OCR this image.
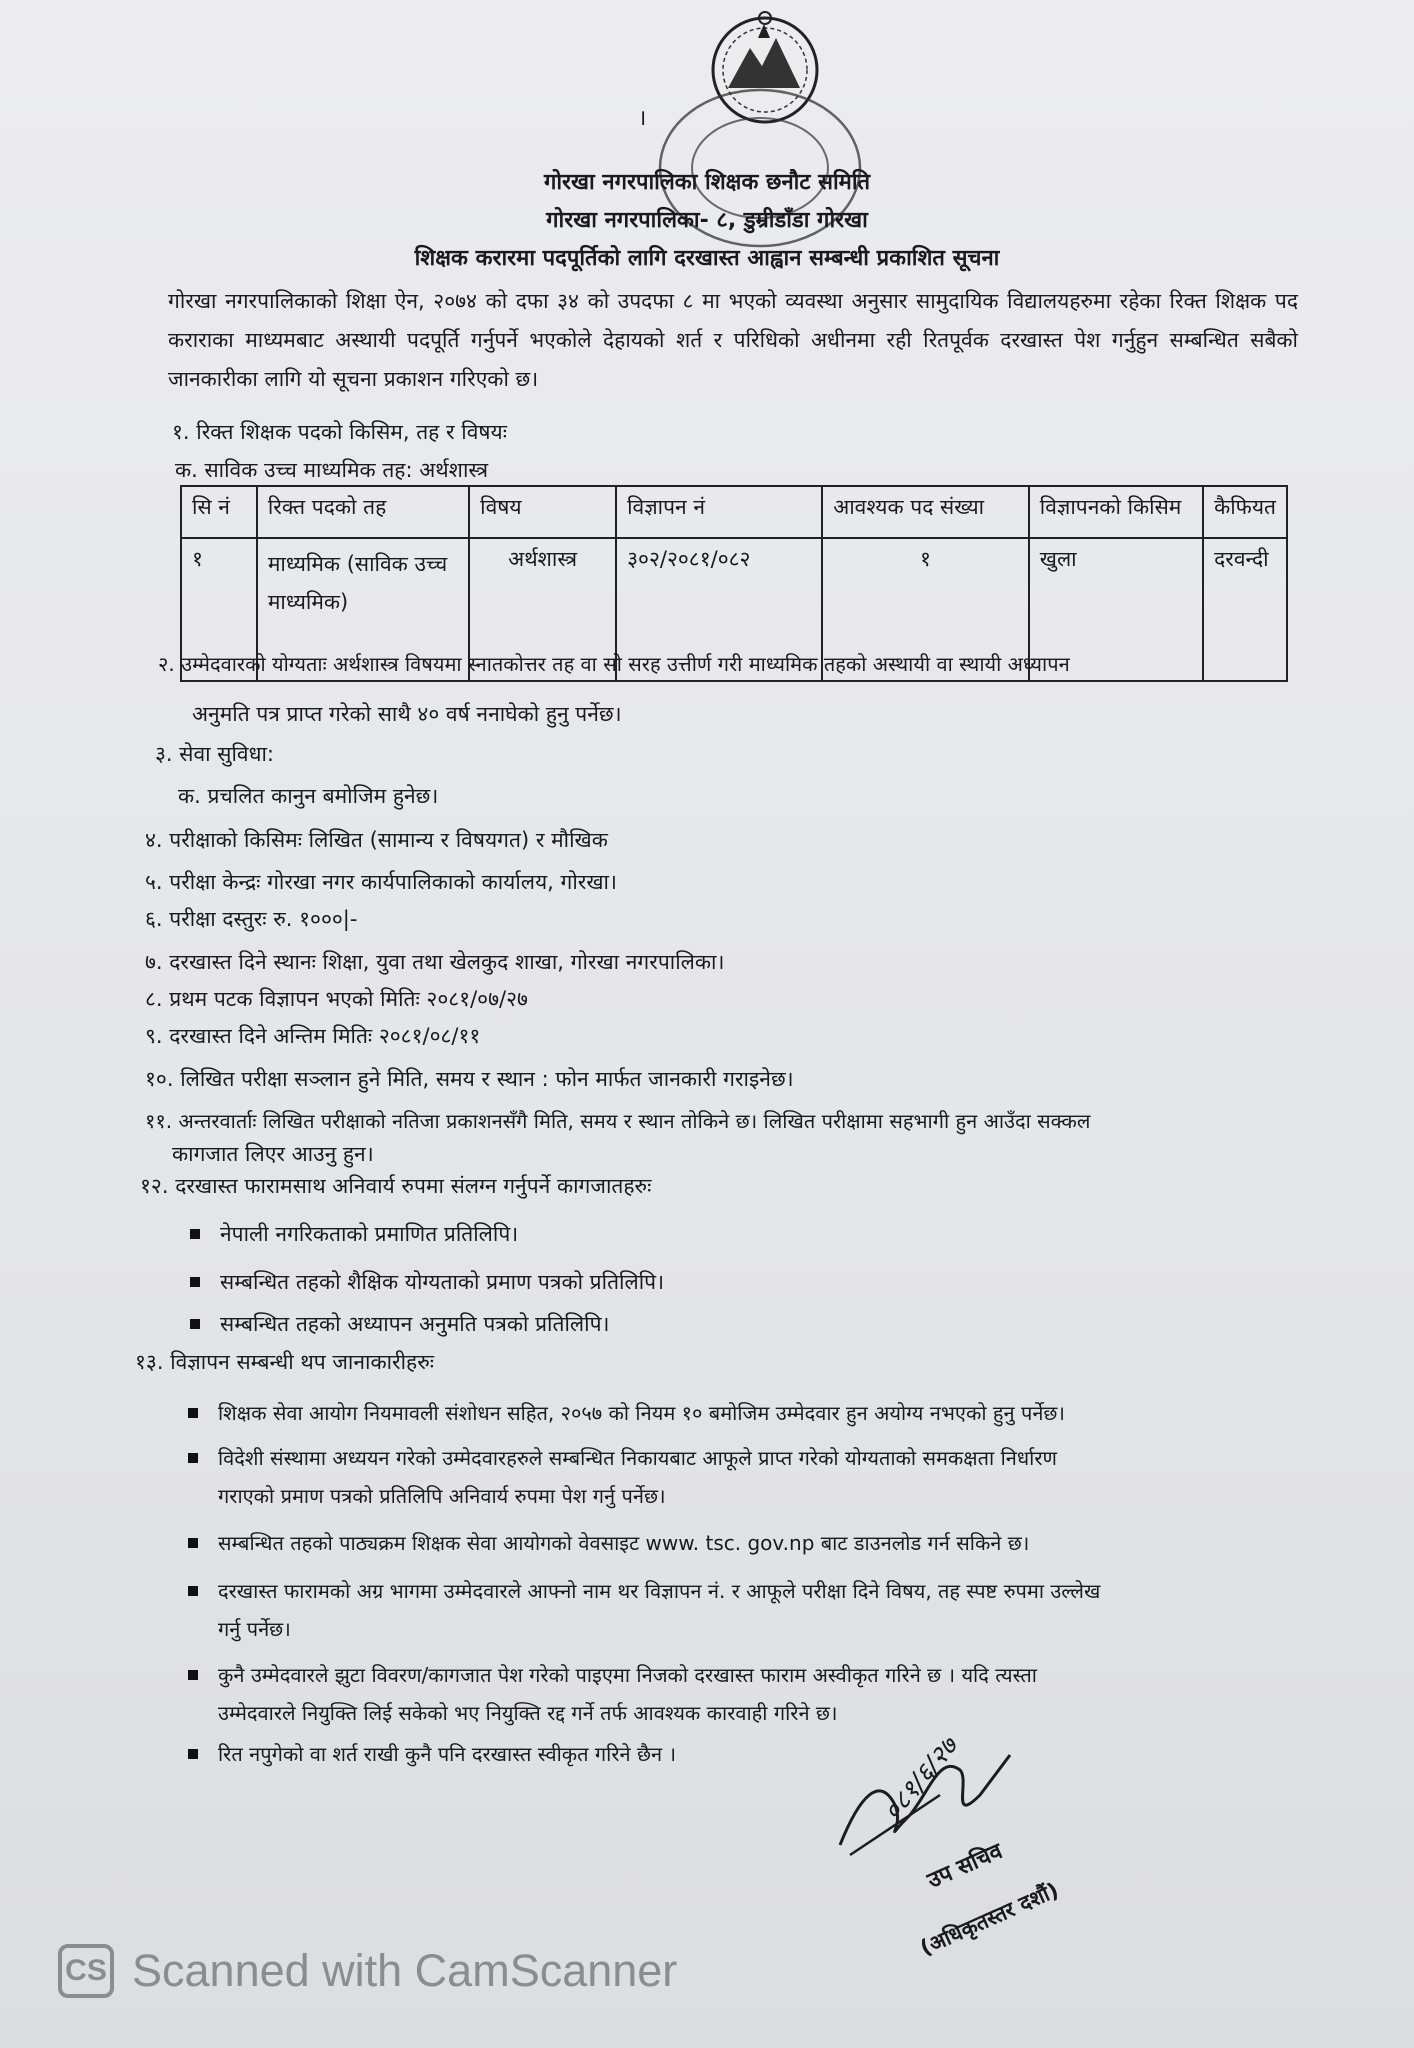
।
गोरखा नगरपालिका शिक्षक छनौट समिति
गोरखा नगरपालिका- ८, डुम्रीडाँडा गोरखा
शिक्षक करारमा पदपूर्तिको लागि दरखास्त आह्वान सम्बन्धी प्रकाशित सूचना
गोरखा नगरपालिकाको शिक्षा ऐन, २०७४ को दफा ३४ को उपदफा ८ मा भएको व्यवस्था अनुसार सामुदायिक विद्यालयहरुमा रहेका रिक्त शिक्षक पद कराराका माध्यमबाट अस्थायी पदपूर्ति गर्नुपर्ने भएकोले देहायको शर्त र परिधिको अधीनमा रही रितपूर्वक दरखास्त पेश गर्नुहुन सम्बन्धित सबैको जानकारीका लागि यो सूचना प्रकाशन गरिएको छ।
१. रिक्त शिक्षक पदको किसिम, तह र विषयः
क. साविक उच्च माध्यमिक तह: अर्थशास्त्र
सि नं	रिक्त पदको तह	विषय	विज्ञापन नं	आवश्यक पद संख्या	विज्ञापनको किसिम	कैफियत
१	माध्यमिक (साविक उच्च माध्यमिक)	अर्थशास्त्र	३०२/२०८१/०८२	१	खुला	दरवन्दी
२. उम्मेदवारको योग्यताः अर्थशास्त्र विषयमा स्नातकोत्तर तह वा सो सरह उत्तीर्ण गरी माध्यमिक तहको अस्थायी वा स्थायी अध्यापन
अनुमति पत्र प्राप्त गरेको साथै ४० वर्ष ननाघेको हुनु पर्नेछ।
३. सेवा सुविधा:
क. प्रचलित कानुन बमोजिम हुनेछ।
४. परीक्षाको किसिमः लिखित (सामान्य र विषयगत) र मौखिक
५. परीक्षा केन्द्रः गोरखा नगर कार्यपालिकाको कार्यालय, गोरखा।
६. परीक्षा दस्तुरः रु. १०००|-
७. दरखास्त दिने स्थानः शिक्षा, युवा तथा खेलकुद शाखा, गोरखा नगरपालिका।
८. प्रथम पटक विज्ञापन भएको मितिः २०८१/०७/२७
९. दरखास्त दिने अन्तिम मितिः २०८१/०८/११
१०. लिखित परीक्षा सञ्‍लान हुने मिति, समय र स्थान : फोन मार्फत जानकारी गराइनेछ।
११. अन्तरवार्ताः लिखित परीक्षाको नतिजा प्रकाशनसँगै मिति, समय र स्थान तोकिने छ। लिखित परीक्षामा सहभागी हुन आउँदा सक्कल
कागजात लिएर आउनु हुन।
१२. दरखास्त फारामसाथ अनिवार्य रुपमा संलग्न गर्नुपर्ने कागजातहरुः
नेपाली नगरिकताको प्रमाणित प्रतिलिपि।
सम्बन्धित तहको शैक्षिक योग्यताको प्रमाण पत्रको प्रतिलिपि।
सम्बन्धित तहको अध्यापन अनुमति पत्रको प्रतिलिपि।
१३. विज्ञापन सम्बन्धी थप जानाकारीहरुः
शिक्षक सेवा आयोग नियमावली संशोधन सहित, २०५७ को नियम १० बमोजिम उम्मेदवार हुन अयोग्य नभएको हुनु पर्नेछ।
विदेशी संस्थामा अध्ययन गरेको उम्मेदवारहरुले सम्बन्धित निकायबाट आफूले प्राप्त गरेको योग्यताको समकक्षता निर्धारण
गराएको प्रमाण पत्रको प्रतिलिपि अनिवार्य रुपमा पेश गर्नु पर्नेछ।
सम्बन्धित तहको पाठ्यक्रम शिक्षक सेवा आयोगको वेवसाइट www. tsc. gov.np बाट डाउनलोड गर्न सकिने छ।
दरखास्त फारामको अग्र भागमा उम्मेदवारले आफ्नो नाम थर विज्ञापन नं. र आफूले परीक्षा दिने विषय, तह स्पष्ट रुपमा उल्लेख
गर्नु पर्नेछ।
कुनै उम्मेदवारले झुटा विवरण/कागजात पेश गरेको पाइएमा निजको दरखास्त फाराम अस्वीकृत गरिने छ । यदि त्यस्ता
उम्मेदवारले नियुक्ति लिई सकेको भए नियुक्ति रद्द गर्ने तर्फ आवश्यक कारवाही गरिने छ।
रित नपुगेको वा शर्त राखी कुनै पनि दरखास्त स्वीकृत गरिने छैन ।	०८१/६/२७
उप सचिव
(अधिकृतस्तर दशौं)
CS Scanned with CamScanner
